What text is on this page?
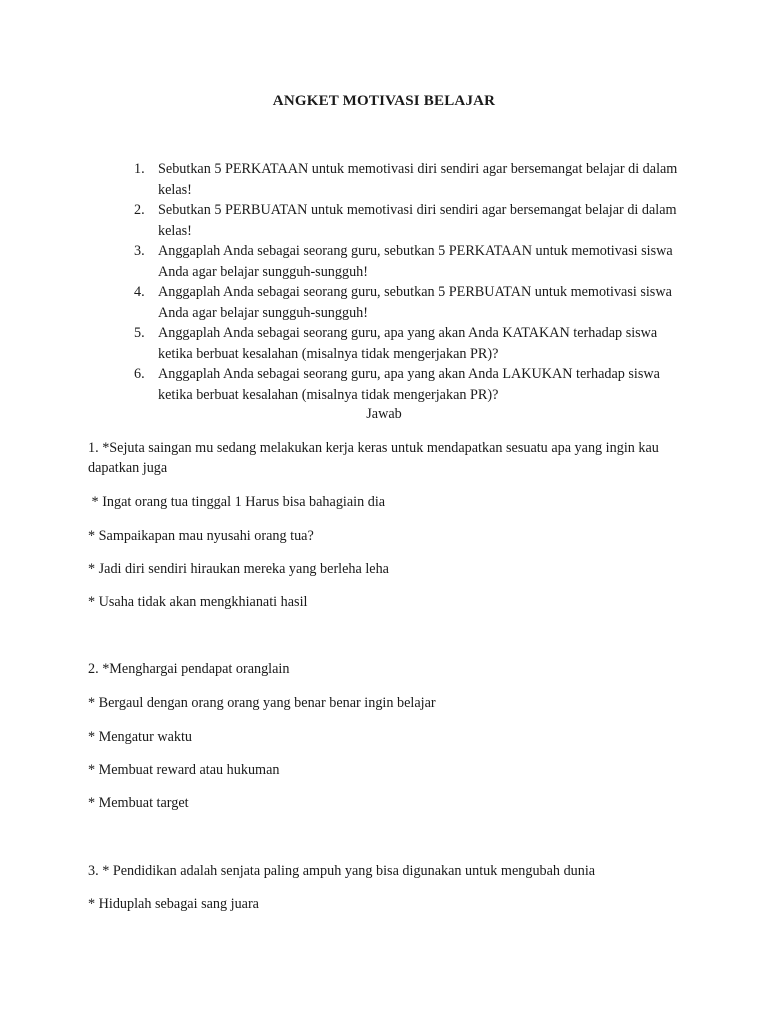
ANGKET MOTIVASI BELAJAR
1. Sebutkan 5 PERKATAAN untuk memotivasi diri sendiri agar bersemangat belajar di dalam kelas!
2. Sebutkan 5 PERBUATAN untuk memotivasi diri sendiri agar bersemangat belajar di dalam kelas!
3. Anggaplah Anda sebagai seorang guru, sebutkan 5 PERKATAAN untuk memotivasi siswa Anda agar belajar sungguh-sungguh!
4. Anggaplah Anda sebagai seorang guru, sebutkan 5 PERBUATAN untuk memotivasi siswa Anda agar belajar sungguh-sungguh!
5. Anggaplah Anda sebagai seorang guru, apa yang akan Anda KATAKAN terhadap siswa ketika berbuat kesalahan (misalnya tidak mengerjakan PR)?
6. Anggaplah Anda sebagai seorang guru, apa yang akan Anda LAKUKAN terhadap siswa ketika berbuat kesalahan (misalnya tidak mengerjakan PR)?

Jawab

1. *Sejuta saingan mu sedang melakukan kerja keras untuk mendapatkan sesuatu apa yang ingin kau dapatkan juga

* Ingat orang tua tinggal 1 Harus bisa bahagiain dia

* Sampaikapan mau nyusahi orang tua?

* Jadi diri sendiri hiraukan mereka yang berleha leha

* Usaha tidak akan mengkhianati hasil

2. *Menghargai pendapat oranglain

* Bergaul dengan orang orang yang benar benar ingin belajar

* Mengatur waktu

* Membuat reward atau hukuman

* Membuat target

3. * Pendidikan adalah senjata paling ampuh yang bisa digunakan untuk mengubah dunia

* Hiduplah sebagai sang juara
